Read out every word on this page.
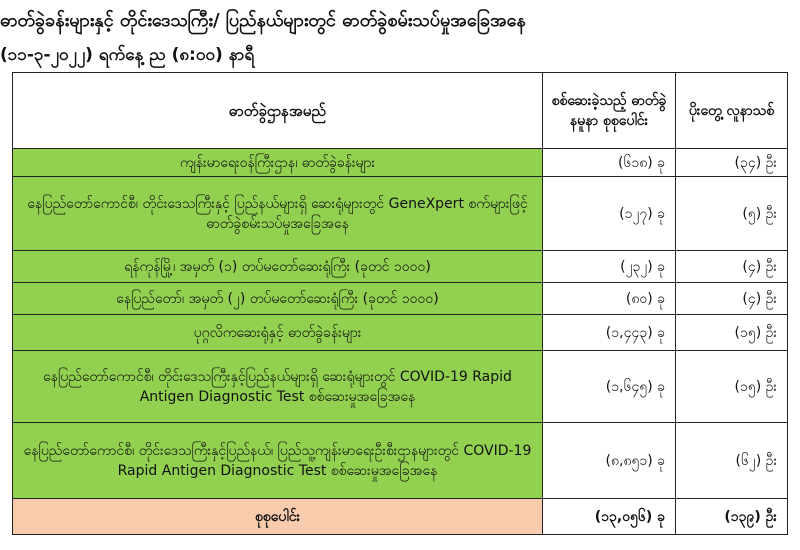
ဓာတ်ခွဲခန်းများနှင့် တိုင်းဒေသကြီး/ ပြည်နယ်များတွင် ဓာတ်ခွဲစမ်းသပ်မှုအခြေအနေ
(၁၁-၃-၂၀၂၂) ရက်နေ့ ည (၈:၀၀) နာရီ
ဓာတ်ခွဲဌာနအမည်	စစ်ဆေးခဲ့သည့် ဓာတ်ခွဲနမူနာ စုစုပေါင်း	ပိုးတွေ့ လူနာသစ်
ကျန်းမာရေးဝန်ကြီးဌာန၊ ဓာတ်ခွဲခန်းများ	(၆၁၈) ခု	(၃၄) ဦး
နေပြည်တော်ကောင်စီ၊ တိုင်းဒေသကြီးနှင့် ပြည်နယ်များရှိ ဆေးရုံများတွင် GeneXpert စက်များဖြင့် ဓာတ်ခွဲစမ်းသပ်မှုအခြေအနေ	(၁၂၇) ခု	(၅) ဦး
ရန်ကုန်မြို့၊ အမှတ် (၁) တပ်မတော်ဆေးရုံကြီး (ခုတင် ၁၀၀၀)	(၂၃၂) ခု	(၄) ဦး
နေပြည်တော်၊ အမှတ် (၂) တပ်မတော်ဆေးရုံကြီး (ခုတင် ၁၀၀၀)	(၈၀) ခု	(၄) ဦး
ပုဂ္ဂလိကဆေးရုံနှင့် ဓာတ်ခွဲခန်းများ	(၁,၄၄၃) ခု	(၁၅) ဦး
နေပြည်တော်ကောင်စီ၊ တိုင်းဒေသကြီးနှင့်ပြည်နယ်များရှိ ဆေးရုံများတွင် COVID-19 Rapid Antigen Diagnostic Test စစ်ဆေးမှုအခြေအနေ	(၁,၆၄၅) ခု	(၁၅) ဦး
နေပြည်တော်ကောင်စီ၊ တိုင်းဒေသကြီးနှင့်ပြည်နယ်၊ ပြည်သူ့ကျန်းမာရေးဦးစီးဌာနများတွင် COVID-19 Rapid Antigen Diagnostic Test စစ်ဆေးမှုအခြေအနေ	(၈,၈၅၁) ခု	(၆၂) ဦး
စုစုပေါင်း	(၁၃,၀၅၆) ခု	(၁၃၉) ဦး
